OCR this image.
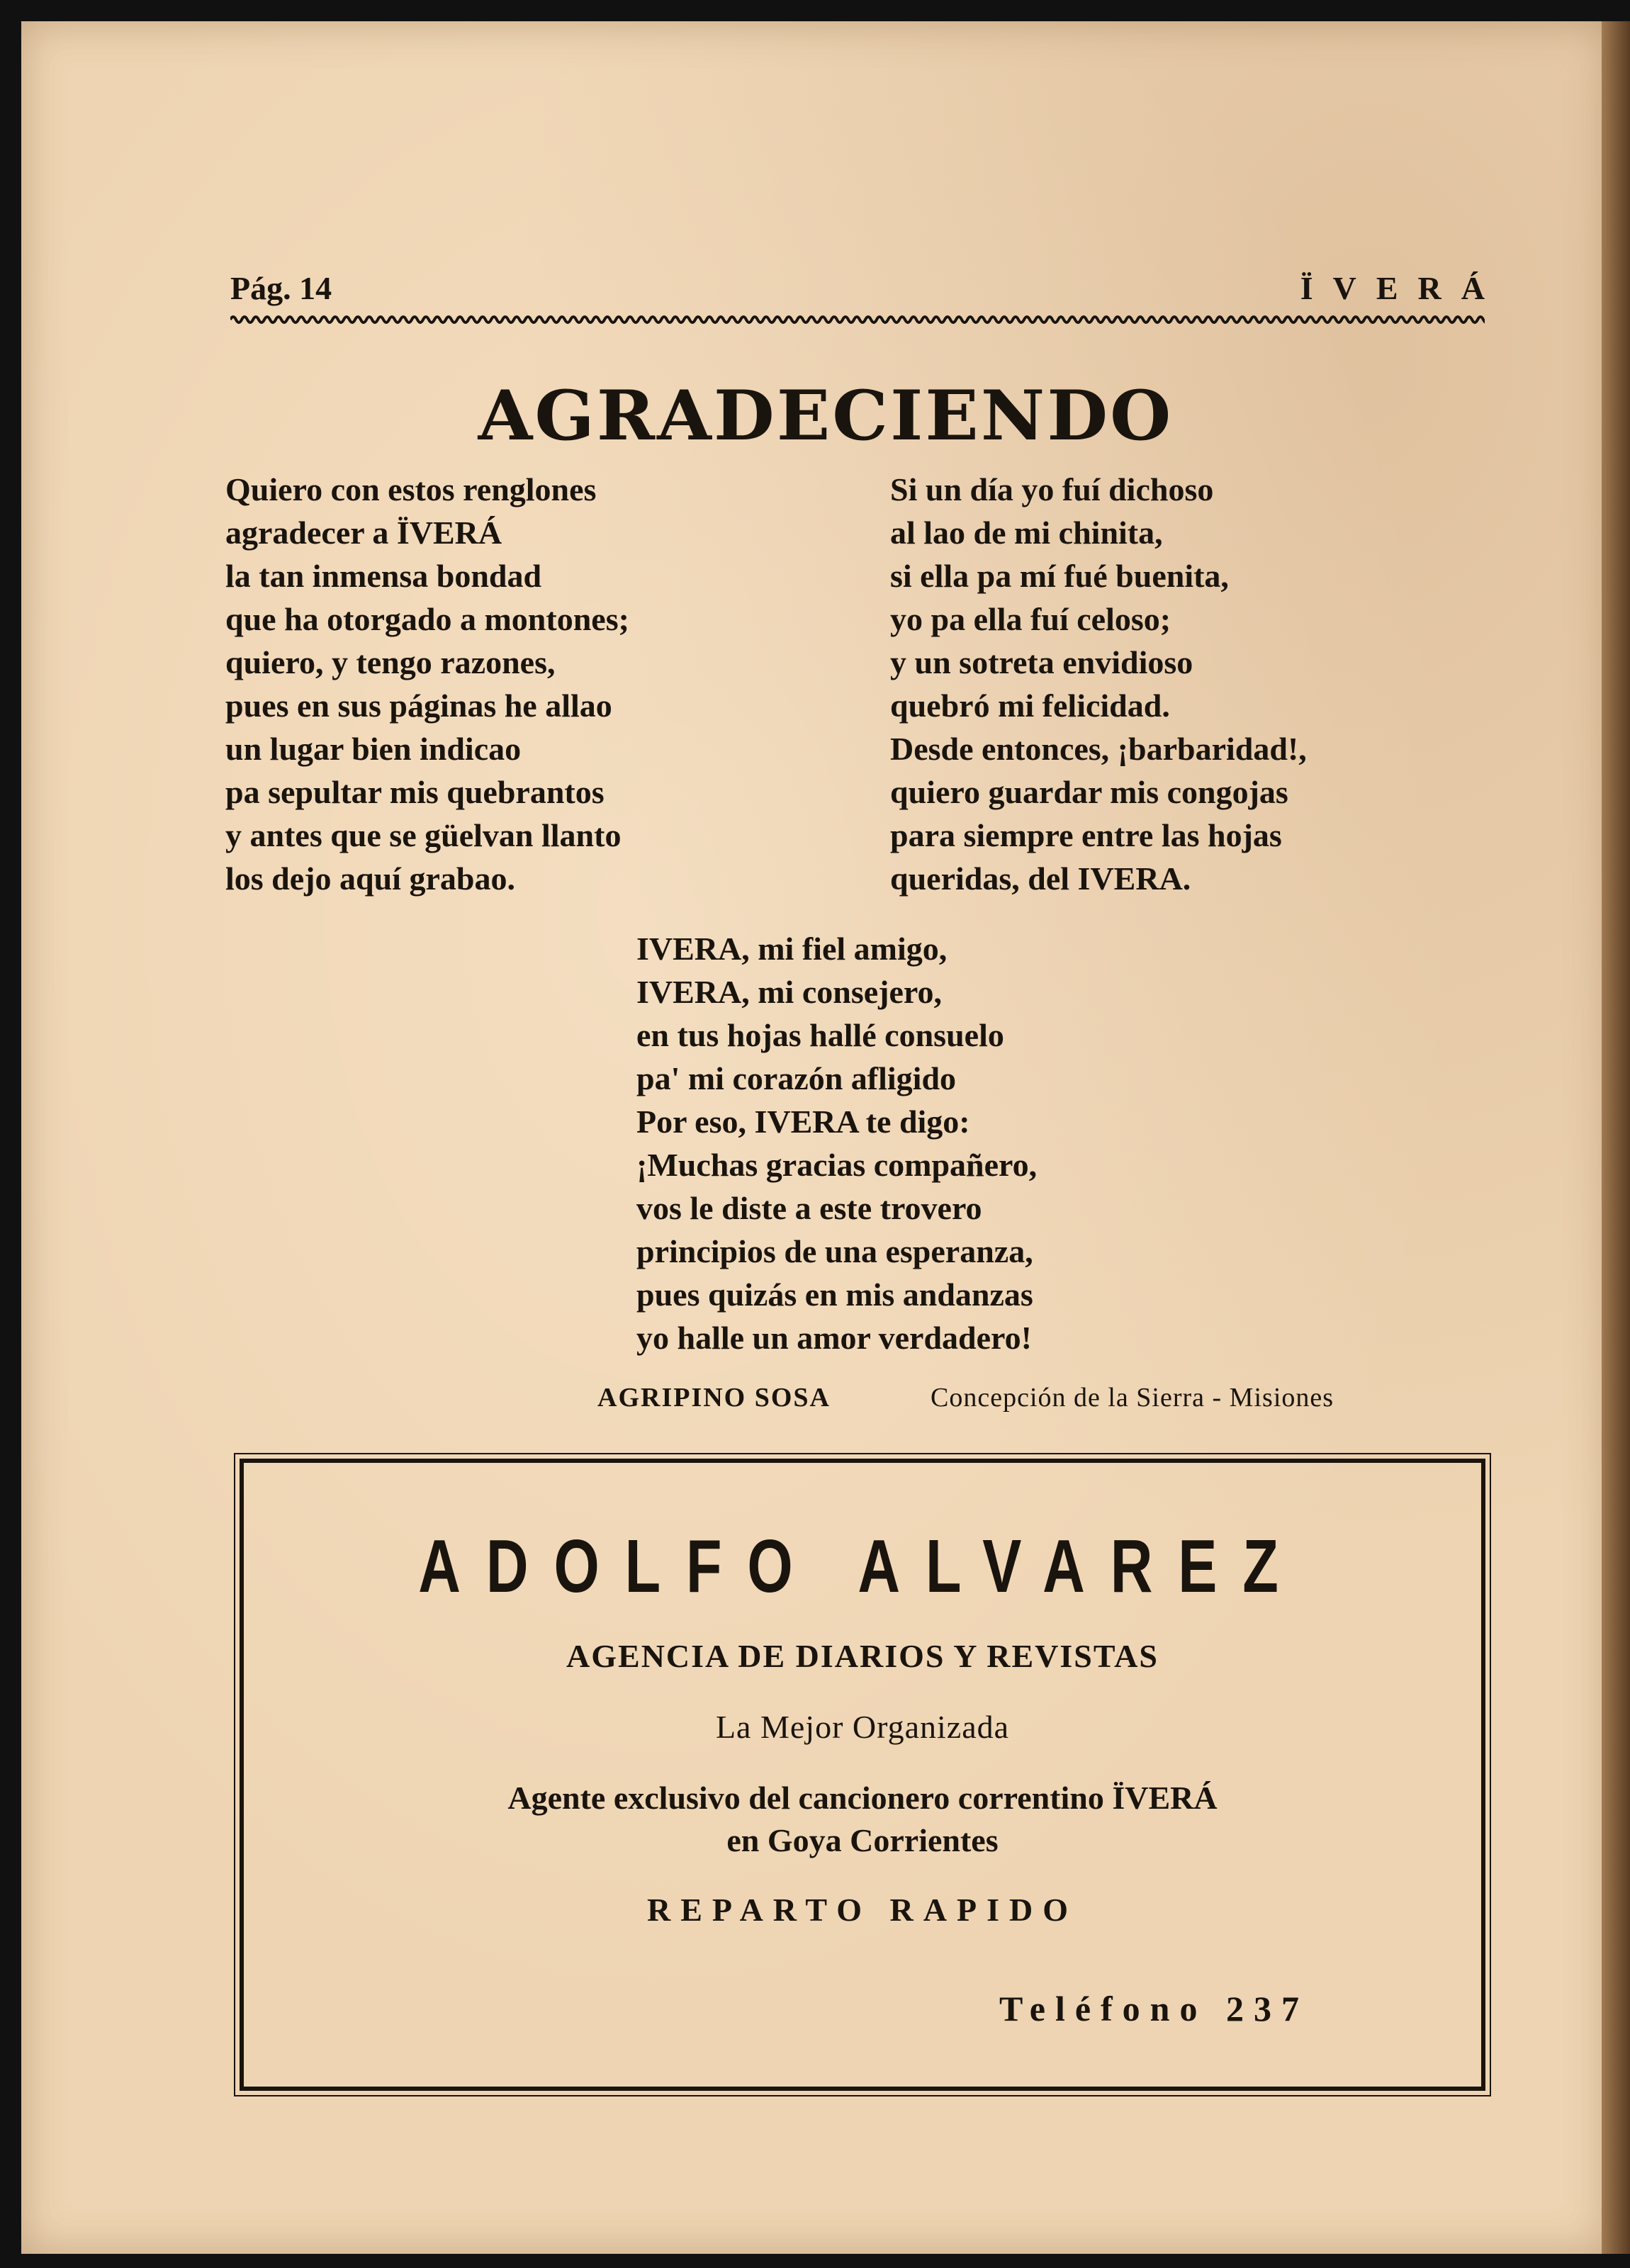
Pág. 14	ÏVERÁ
AGRADECIENDO
Quiero con estos renglones
agradecer a ÏVERÁ
la tan inmensa bondad
que ha otorgado a montones;
quiero, y tengo razones,
pues en sus páginas he allao
un lugar bien indicao
pa sepultar mis quebrantos
y antes que se güelvan llanto
los dejo aquí grabao.
Si un día yo fuí dichoso
al lao de mi chinita,
si ella pa mí fué buenita,
yo pa ella fuí celoso;
y un sotreta envidioso
quebró mi felicidad.
Desde entonces, ¡barbaridad!,
quiero guardar mis congojas
para siempre entre las hojas
queridas, del IVERA.
IVERA, mi fiel amigo,
IVERA, mi consejero,
en tus hojas hallé consuelo
pa' mi corazón afligido
Por eso, IVERA te digo:
¡Muchas gracias compañero,
vos le diste a este trovero
principios de una esperanza,
pues quizás en mis andanzas
yo halle un amor verdadero!
AGRIPINO SOSA	Concepción de la Sierra - Misiones
ADOLFO ALVAREZ
AGENCIA DE DIARIOS Y REVISTAS
La Mejor Organizada
Agente exclusivo del cancionero correntino ÏVERÁ
en Goya Corrientes
REPARTO RAPIDO
Teléfono 237
